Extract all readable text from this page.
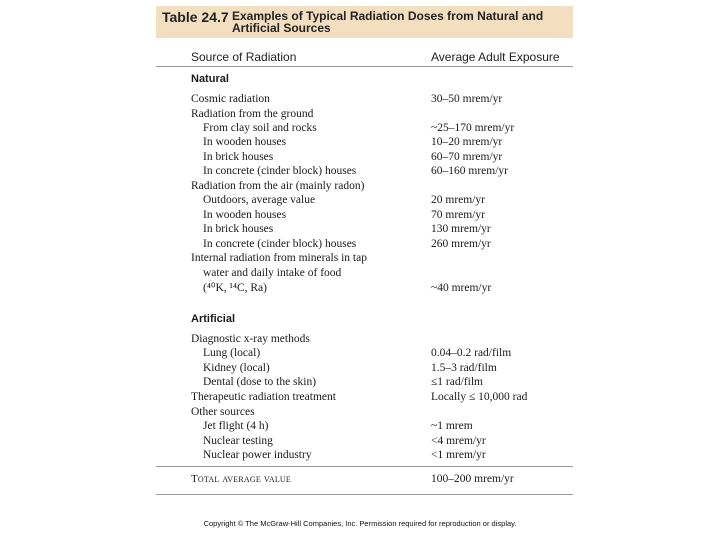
Table 24.7 Examples of Typical Radiation Doses from Natural and Artificial Sources
Source of Radiation	Average Adult Exposure
Natural
Cosmic radiation	30–50 mrem/yr
Radiation from the ground
From clay soil and rocks	~25–170 mrem/yr
In wooden houses	10–20 mrem/yr
In brick houses	60–70 mrem/yr
In concrete (cinder block) houses	60–160 mrem/yr
Radiation from the air (mainly radon)
Outdoors, average value	20 mrem/yr
In wooden houses	70 mrem/yr
In brick houses	130 mrem/yr
In concrete (cinder block) houses	260 mrem/yr
Internal radiation from minerals in tap
water and daily intake of food
(⁴⁰K, ¹⁴C, Ra)	~40 mrem/yr
Artificial
Diagnostic x-ray methods
Lung (local)	0.04–0.2 rad/film
Kidney (local)	1.5–3 rad/film
Dental (dose to the skin)	≤1 rad/film
Therapeutic radiation treatment	Locally ≤ 10,000 rad
Other sources
Jet flight (4 h)	~1 mrem
Nuclear testing	<4 mrem/yr
Nuclear power industry	<1 mrem/yr
Total average value	100–200 mrem/yr
Copyright © The McGraw-Hill Companies, Inc. Permission required for reproduction or display.
